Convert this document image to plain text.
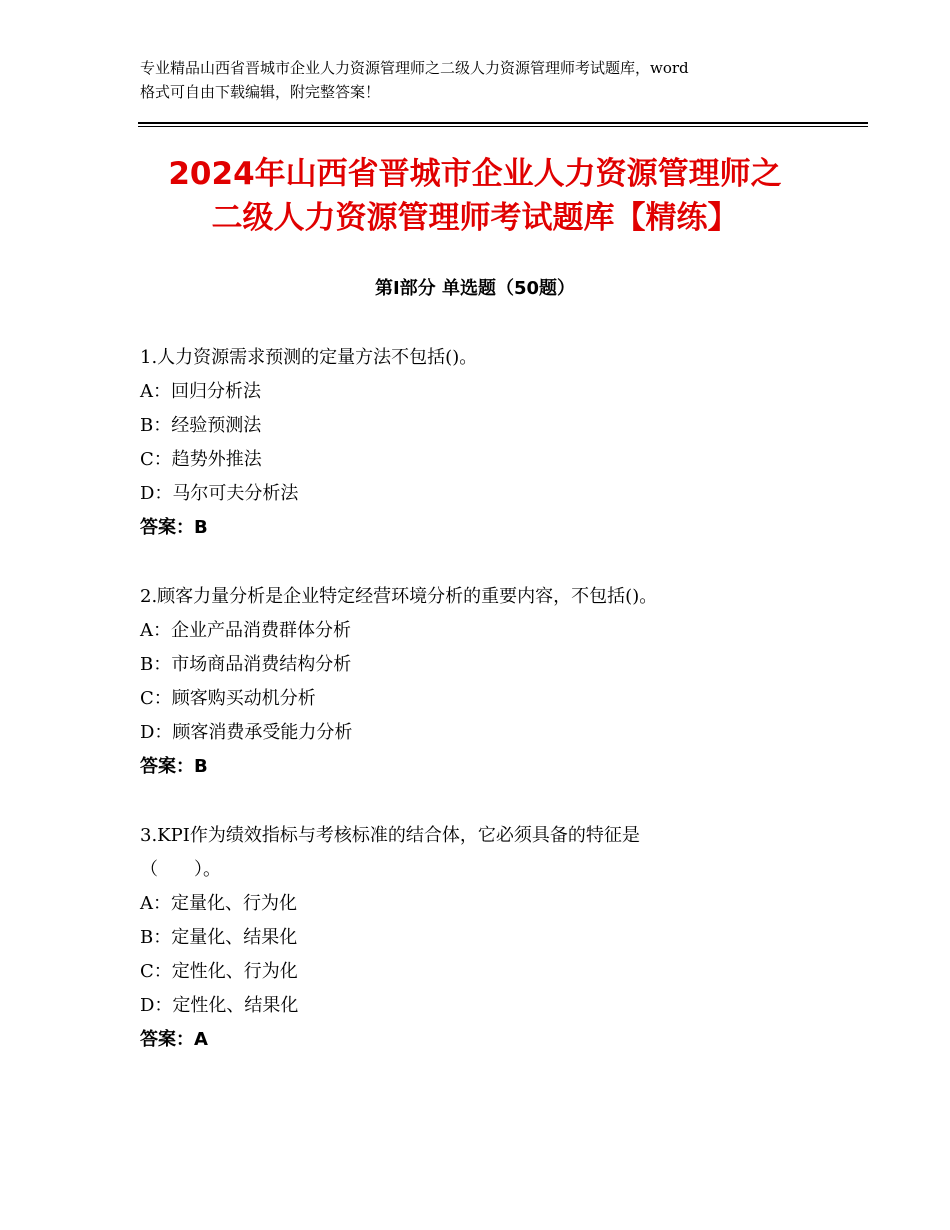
专业精品山西省晋城市企业人力资源管理师之二级人力资源管理师考试题库，word
格式可自由下载编辑，附完整答案！
2024年山西省晋城市企业人力资源管理师之
二级人力资源管理师考试题库【精练】
第Ⅰ部分 单选题（50题）
1.人力资源需求预测的定量方法不包括()。
A：回归分析法
B：经验预测法
C：趋势外推法
D：马尔可夫分析法
答案：B
2.顾客力量分析是企业特定经营环境分析的重要内容，不包括()。
A：企业产品消费群体分析
B：市场商品消费结构分析
C：顾客购买动机分析
D：顾客消费承受能力分析
答案：B
3.KPI作为绩效指标与考核标准的结合体，它必须具备的特征是
（　　）。
A：定量化、行为化
B：定量化、结果化
C：定性化、行为化
D：定性化、结果化
答案：A
